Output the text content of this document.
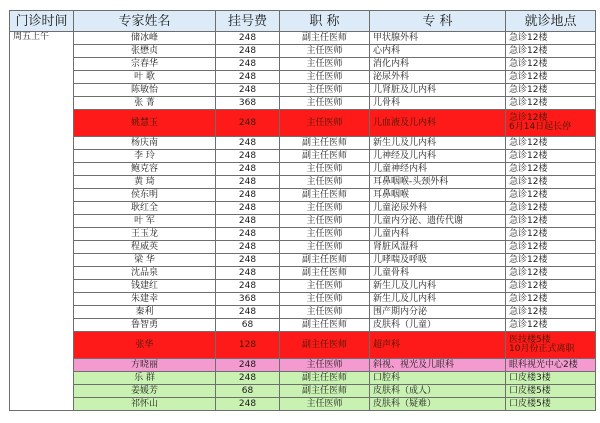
门诊时间	专家姓名	挂号费	职 称	专 科	就诊地点
周五上午	储冰峰	248	副主任医师	甲状腺外科	急诊12楼

	张懋贞	248	主任医师	心内科	急诊12楼

	宗春华	248	主任医师	消化内科	急诊12楼

	叶 歌	248	主任医师	泌尿外科	急诊12楼

	陈敏怡	248	主任医师	儿肾脏及儿内科	急诊12楼

	张 菁	368	主任医师	儿骨科	急诊12楼

	姚慧玉	248	主任医师	儿血液及儿内科	急诊12楼
6月14日起长停

	杨庆南	248	副主任医师	新生儿及儿内科	急诊12楼

	李 玲	248	副主任医师	儿神经及儿内科	急诊12楼

	鲍克容	248	主任医师	儿童神经内科	急诊12楼

	黄 琦	248	主任医师	耳鼻咽喉-头颈外科	急诊12楼

	侯东明	248	副主任医师	耳鼻咽喉	急诊12楼

	耿红全	248	主任医师	儿童泌尿外科	急诊12楼

	叶 军	248	主任医师	儿童内分泌、遗传代谢	急诊12楼

	王玉龙	248	主任医师	儿童内科	急诊12楼

	程威英	248	主任医师	肾脏风湿科	急诊12楼

	梁 华	248	副主任医师	儿哮喘及呼吸	急诊12楼

	沈品泉	248	副主任医师	儿童骨科	急诊12楼

	钱建红	248	主任医师	新生儿及儿内科	急诊12楼

	朱建幸	368	主任医师	新生儿及儿内科	急诊12楼

	秦利	248	主任医师	围产期内分泌	急诊12楼

	鲁智勇	68	副主任医师	皮肤科（儿童）	急诊12楼

	张华	128	副主任医师	超声科	医技楼5楼
10月份正式离职

	方晓丽	248	主任医师	斜视、视光及儿眼科	眼科视光中心2楼

	乐 群	248	副主任医师	口腔科	口皮楼3楼

	姜媛芳	68	副主任医师	皮肤科（成人）	口皮楼5楼

	祁怀山	248	主任医师	皮肤科（疑难）	口皮楼5楼
